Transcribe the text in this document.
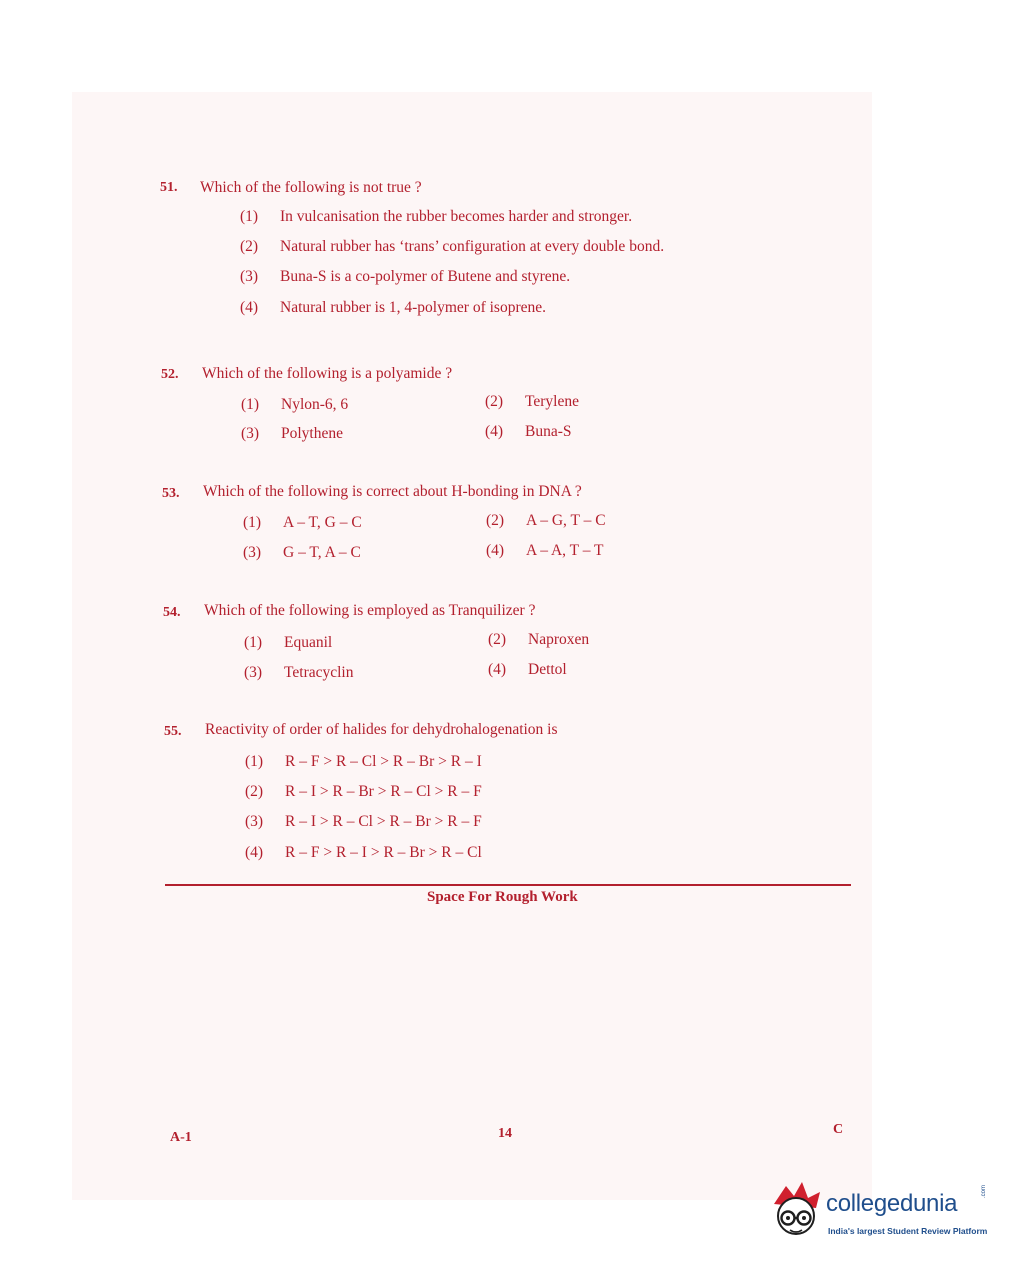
51. Which of the following is not true ?
(1) In vulcanisation the rubber becomes harder and stronger.
(2) Natural rubber has ‘trans’ configuration at every double bond.
(3) Buna-S is a co-polymer of Butene and styrene.
(4) Natural rubber is 1, 4-polymer of isoprene.
52. Which of the following is a polyamide ?
(1) Nylon-6, 6	(2) Terylene
(3) Polythene	(4) Buna-S
53. Which of the following is correct about H-bonding in DNA ?
(1) A – T, G – C	(2) A – G, T – C
(3) G – T, A – C	(4) A – A, T – T
54. Which of the following is employed as Tranquilizer ?
(1) Equanil	(2) Naproxen
(3) Tetracyclin	(4) Dettol
55. Reactivity of order of halides for dehydrohalogenation is
(1) R – F > R – Cl > R – Br > R – I
(2) R – I > R – Br > R – Cl > R – F
(3) R – I > R – Cl > R – Br > R – F
(4) R – F > R – I > R – Br > R – Cl
Space For Rough Work
A-1	14	C
collegedunia	.com
India's largest Student Review Platform
